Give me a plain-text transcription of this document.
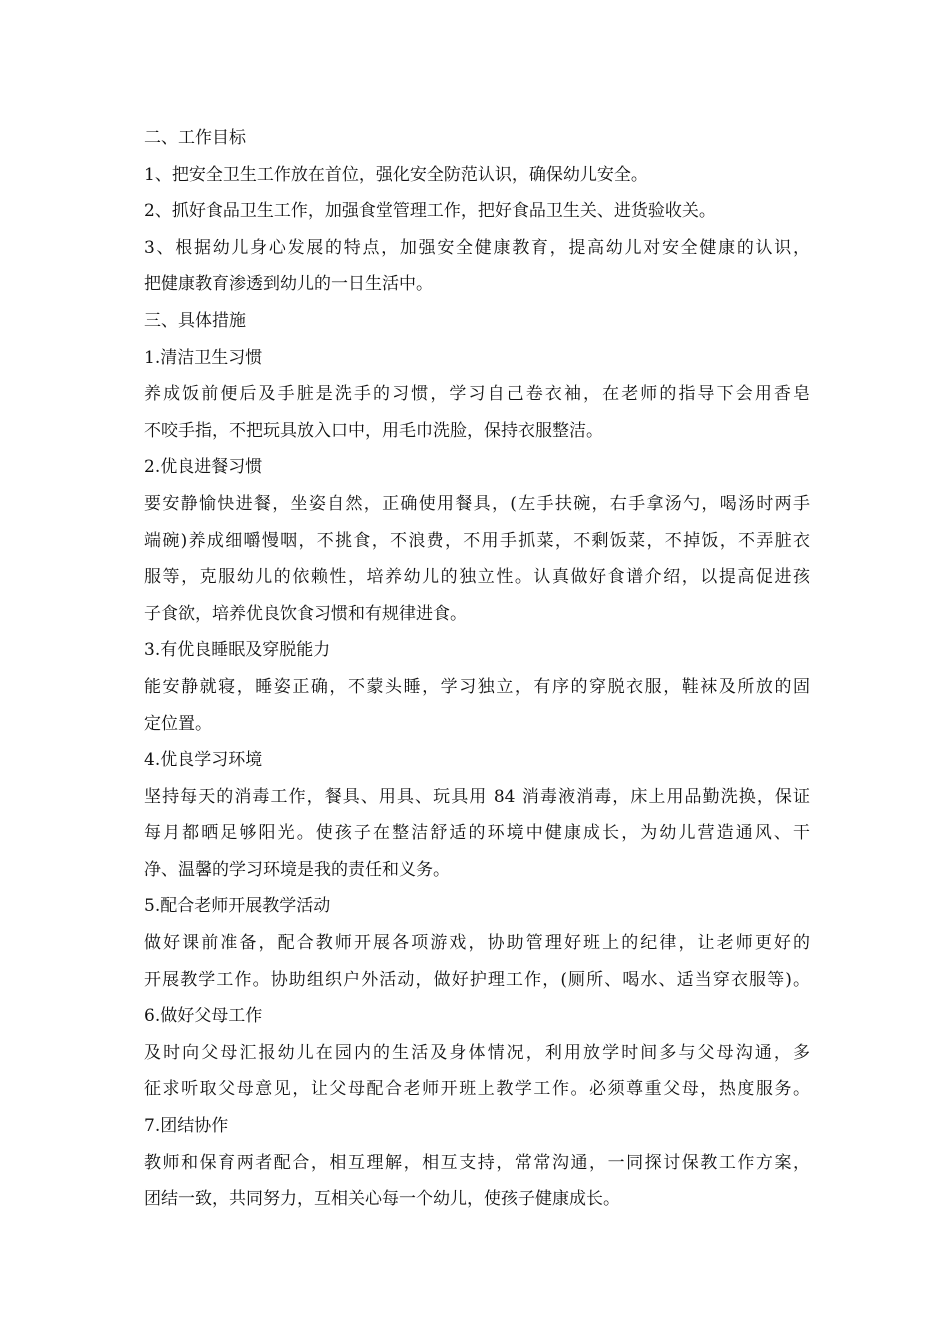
二、工作目标
1、把安全卫生工作放在首位，强化安全防范认识，确保幼儿安全。
2、抓好食品卫生工作，加强食堂管理工作，把好食品卫生关、进货验收关。
3、根据幼儿身心发展的特点，加强安全健康教育，提高幼儿对安全健康的认识，
把健康教育渗透到幼儿的一日生活中。
三、具体措施
1.清洁卫生习惯
养成饭前便后及手脏是洗手的习惯，学习自己卷衣袖，在老师的指导下会用香皂
不咬手指，不把玩具放入口中，用毛巾洗脸，保持衣服整洁。
2.优良进餐习惯
要安静愉快进餐，坐姿自然，正确使用餐具，(左手扶碗，右手拿汤勺，喝汤时两手
端碗)养成细嚼慢咽，不挑食，不浪费，不用手抓菜，不剩饭菜，不掉饭，不弄脏衣
服等，克服幼儿的依赖性，培养幼儿的独立性。认真做好食谱介绍，以提高促进孩
子食欲，培养优良饮食习惯和有规律进食。
3.有优良睡眠及穿脱能力
能安静就寝，睡姿正确，不蒙头睡，学习独立，有序的穿脱衣服，鞋袜及所放的固
定位置。
4.优良学习环境
坚持每天的消毒工作，餐具、用具、玩具用 84 消毒液消毒，床上用品勤洗换，保证
每月都晒足够阳光。使孩子在整洁舒适的环境中健康成长，为幼儿营造通风、干
净、温馨的学习环境是我的责任和义务。
5.配合老师开展教学活动
做好课前准备，配合教师开展各项游戏，协助管理好班上的纪律，让老师更好的
开展教学工作。协助组织户外活动，做好护理工作，(厕所、喝水、适当穿衣服等)。
6.做好父母工作
及时向父母汇报幼儿在园内的生活及身体情况，利用放学时间多与父母沟通，多
征求听取父母意见，让父母配合老师开班上教学工作。必须尊重父母，热度服务。
7.团结协作
教师和保育两者配合，相互理解，相互支持，常常沟通，一同探讨保教工作方案，
团结一致，共同努力，互相关心每一个幼儿，使孩子健康成长。
